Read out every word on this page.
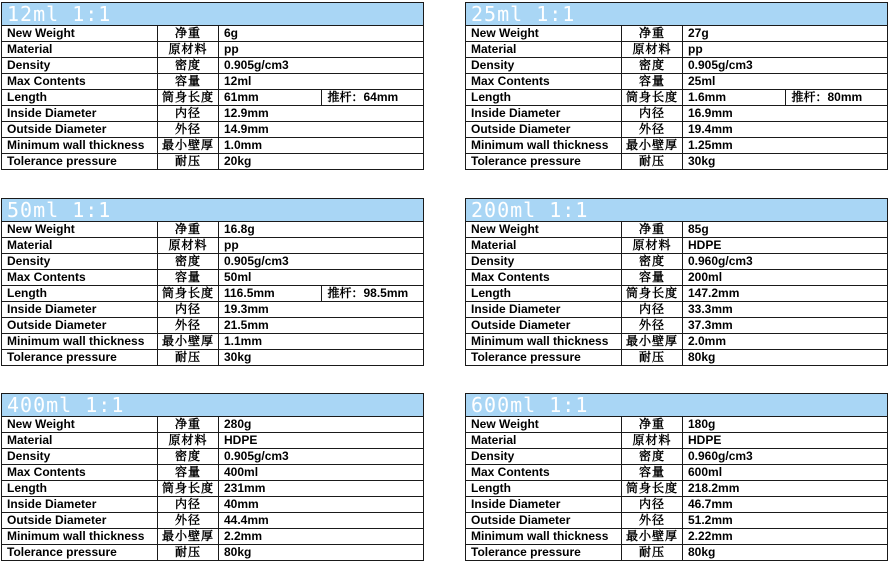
12ml 1:1
New Weight	净重	6g	
Material	原材料	pp	
Density	密度	0.905g/cm3	
Max Contents	容量	12ml	
Length	筒身长度	61mm	推杆：64mm
Inside Diameter	内径	12.9mm	
Outside Diameter	外径	14.9mm	
Minimum wall thickness	最小壁厚	1.0mm	
Tolerance pressure	耐压	20kg	
25ml 1:1
New Weight	净重	27g	
Material	原材料	pp	
Density	密度	0.905g/cm3	
Max Contents	容量	25ml	
Length	筒身长度	1.6mm	推杆：80mm
Inside Diameter	内径	16.9mm	
Outside Diameter	外径	19.4mm	
Minimum wall thickness	最小壁厚	1.25mm	
Tolerance pressure	耐压	30kg	
50ml 1:1
New Weight	净重	16.8g	
Material	原材料	pp	
Density	密度	0.905g/cm3	
Max Contents	容量	50ml	
Length	筒身长度	116.5mm	推杆：98.5mm
Inside Diameter	内径	19.3mm	
Outside Diameter	外径	21.5mm	
Minimum wall thickness	最小壁厚	1.1mm	
Tolerance pressure	耐压	30kg	
200ml 1:1
New Weight	净重	85g
Material	原材料	HDPE
Density	密度	0.960g/cm3
Max Contents	容量	200ml
Length	筒身长度	147.2mm
Inside Diameter	内径	33.3mm
Outside Diameter	外径	37.3mm
Minimum wall thickness	最小壁厚	2.0mm
Tolerance pressure	耐压	80kg
400ml 1:1
New Weight	净重	280g
Material	原材料	HDPE
Density	密度	0.905g/cm3
Max Contents	容量	400ml
Length	筒身长度	231mm
Inside Diameter	内径	40mm
Outside Diameter	外径	44.4mm
Minimum wall thickness	最小壁厚	2.2mm
Tolerance pressure	耐压	80kg
600ml 1:1
New Weight	净重	180g
Material	原材料	HDPE
Density	密度	0.960g/cm3
Max Contents	容量	600ml
Length	筒身长度	218.2mm
Inside Diameter	内径	46.7mm
Outside Diameter	外径	51.2mm
Minimum wall thickness	最小壁厚	2.22mm
Tolerance pressure	耐压	80kg
